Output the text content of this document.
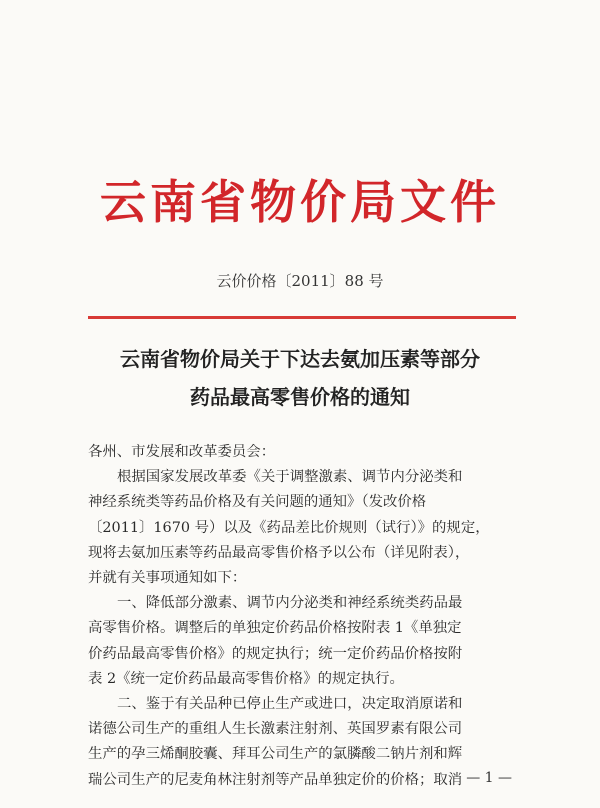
云南省物价局文件
云价价格〔2011〕88 号
云南省物价局关于下达去氨加压素等部分
药品最高零售价格的通知
各州、市发展和改革委员会：
根据国家发展改革委《关于调整激素、调节内分泌类和
神经系统类等药品价格及有关问题的通知》（发改价格
〔2011〕1670 号）以及《药品差比价规则（试行）》的规定，
现将去氨加压素等药品最高零售价格予以公布（详见附表），
并就有关事项通知如下：
一、降低部分激素、调节内分泌类和神经系统类药品最
高零售价格。调整后的单独定价药品价格按附表 1《单独定
价药品最高零售价格》的规定执行；统一定价药品价格按附
表 2《统一定价药品最高零售价格》的规定执行。
二、鉴于有关品种已停止生产或进口，决定取消原诺和
诺德公司生产的重组人生长激素注射剂、英国罗素有限公司
生产的孕三烯酮胶囊、拜耳公司生产的氯膦酸二钠片剂和辉
瑞公司生产的尼麦角林注射剂等产品单独定价的价格；取消 — 1 —
